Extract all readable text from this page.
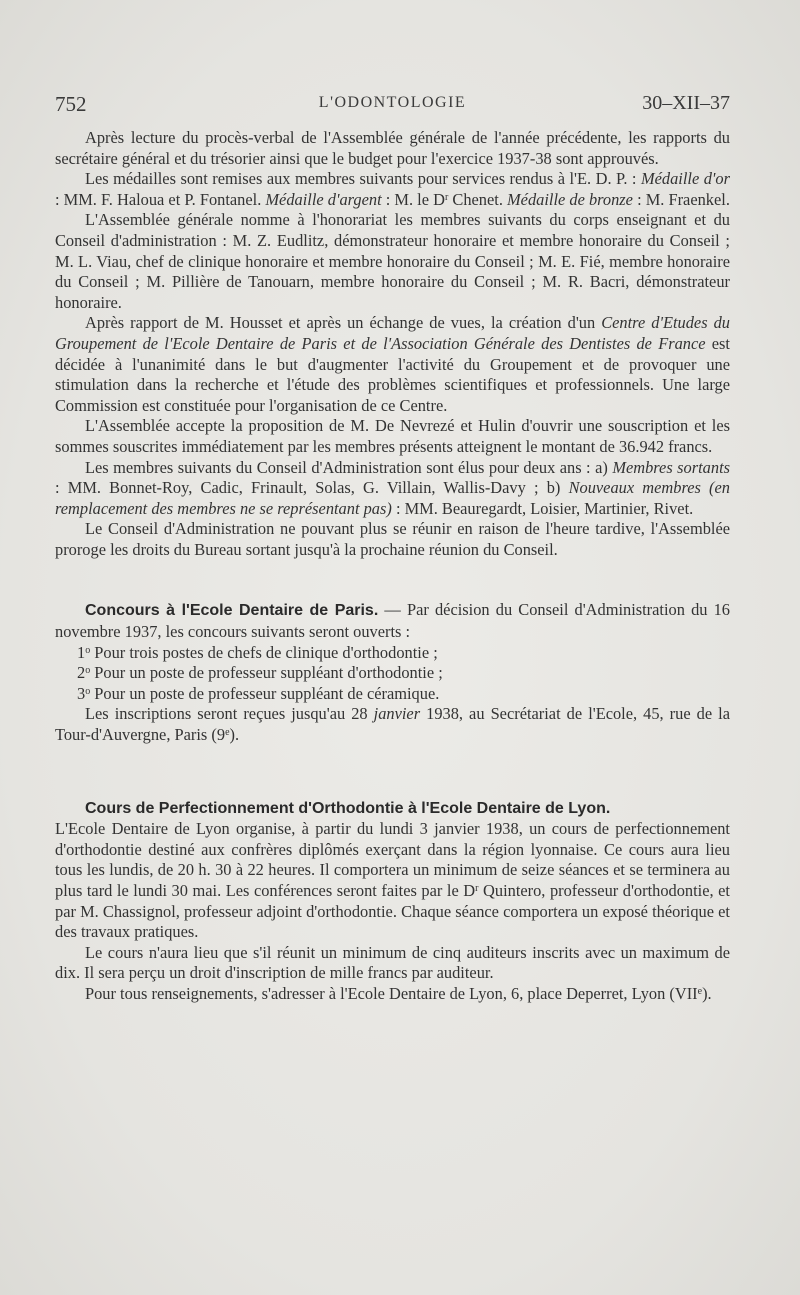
752	L'ODONTOLOGIE	30–XII–37

Après lecture du procès-verbal de l'Assemblée générale de l'année précédente, les rapports du secrétaire général et du trésorier ainsi que le budget pour l'exercice 1937-38 sont approuvés.

Les médailles sont remises aux membres suivants pour services rendus à l'E. D. P. : Médaille d'or : MM. F. Haloua et P. Fontanel. Médaille d'argent : M. le $D^r$ Chenet. Médaille de bronze : M. Fraenkel.

L'Assemblée générale nomme à l'honorariat les membres suivants du corps enseignant et du Conseil d'administration : M. Z. Eudlitz, démonstrateur honoraire et membre honoraire du Conseil ; M. L. Viau, chef de clinique honoraire et membre honoraire du Conseil ; M. E. Fié, membre honoraire du Conseil ; M. Pillière de Tanouarn, membre honoraire du Conseil ; M. R. Bacri, démonstrateur honoraire.

Après rapport de M. Housset et après un échange de vues, la création d'un Centre d'Etudes du Groupement de l'Ecole Dentaire de Paris et de l'Association Générale des Dentistes de France est décidée à l'unanimité dans le but d'augmenter l'activité du Groupement et de provoquer une stimulation dans la recherche et l'étude des problèmes scientifiques et professionnels. Une large Commission est constituée pour l'organisation de ce Centre.

L'Assemblée accepte la proposition de M. De Nevrezé et Hulin d'ouvrir une souscription et les sommes souscrites immédiatement par les membres présents atteignent le montant de 36.942 francs.

Les membres suivants du Conseil d'Administration sont élus pour deux ans : a) Membres sortants : MM. Bonnet-Roy, Cadic, Frinault, Solas, G. Villain, Wallis-Davy ; b) Nouveaux membres (en remplacement des membres ne se représentant pas) : MM. Beauregardt, Loisier, Martinier, Rivet.

Le Conseil d'Administration ne pouvant plus se réunir en raison de l'heure tardive, l'Assemblée proroge les droits du Bureau sortant jusqu'à la prochaine réunion du Conseil.

Concours à l'Ecole Dentaire de Paris. — Par décision du Conseil d'Administration du 16 novembre 1937, les concours suivants seront ouverts :

1$^o$ Pour trois postes de chefs de clinique d'orthodontie ;

2$^o$ Pour un poste de professeur suppléant d'orthodontie ;

3$^o$ Pour un poste de professeur suppléant de céramique.

Les inscriptions seront reçues jusqu'au 28 janvier 1938, au Secrétariat de l'Ecole, 45, rue de la Tour-d'Auvergne, Paris (9e).

Cours de Perfectionnement d'Orthodontie à l'Ecole Dentaire de Lyon.

L'Ecole Dentaire de Lyon organise, à partir du lundi 3 janvier 1938, un cours de perfectionnement d'orthodontie destiné aux confrères diplômés exerçant dans la région lyonnaise. Ce cours aura lieu tous les lundis, de 20 h. 30 à 22 heures. Il comportera un minimum de seize séances et se terminera au plus tard le lundi 30 mai. Les conférences seront faites par le $D^r$ Quintero, professeur d'orthodontie, et par M. Chassignol, professeur adjoint d'orthodontie. Chaque séance comportera un exposé théorique et des travaux pratiques.

Le cours n'aura lieu que s'il réunit un minimum de cinq auditeurs inscrits avec un maximum de dix. Il sera perçu un droit d'inscription de mille francs par auditeur.

Pour tous renseignements, s'adresser à l'Ecole Dentaire de Lyon, 6, place Deperret, Lyon (VIIe).
